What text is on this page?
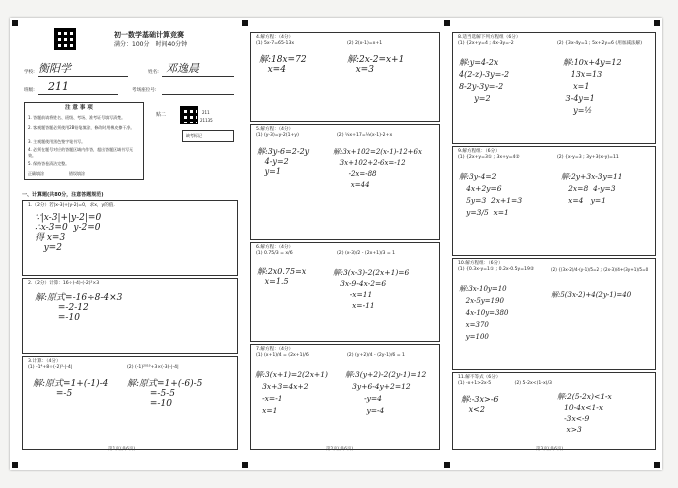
初一数学基础计算竞赛
满分：100分　时间40分钟
学校: 衡阳学	姓名: 邓逸晨
班级: 211	考场座位号:
注 意 事 项
1. 答题前请将姓名、班级、考场、准考证号填写清楚。
2. 客观题答题必须使用2B铅笔填涂，修改时用橡皮擦干净。
3. 主观题使用黑色签字笔书写。
4. 必须在题号对应的答题区域内作答，超出答题区域书写无效。
5. 保持答卷清洁完整。
正确填涂	错误填涂
贴二	211
21135
缺考标记
一、计算题(共80分，注意答题规范)
1.（2分）若|x-3|+|y-2|=0，求x，y的值.
∵|x-3|+|y-2|=0
∴x-3=0  y-2=0
得 x=3
y=2
2.（2分）计算：16÷(-4)-(-2)³×3
解:原式=-16÷8-4×3
=-2-12
=-10
3.计算：（4分）
(1) -1⁴+8÷(-2)³-|-4|	(2) (-1)²⁰¹⁹+3×(-3)-|-4|
解:原式=1+(-1)-4
=-5
解:原式=1+(-6)-5
=-5-5
=-10
第1页(共6页)
4.解方程：（4分）
(1) 5x-7=65-13x	(2) 2(x-1)=x+1
解:18x=72
x=4
解:2x-2=x+1
x=3
5.解方程：（4分）
(1) (y-3)=y-2(1+y)	(2) ½x+17=⅓(x-1)-2+x
解:3y-6=2-2y
4-y=2
y=1
解:3x+102=2(x-1)-12+6x
3x+102+2-6x=-12
-2x=-88
x=44
6.解方程：（4分）
(1) 0.75/3 = x/6	(2) (x-3)/2 - (2x+1)/3 = 1
解:2x0.75=x
x=1.5
解:3(x-3)-2(2x+1)=6
3x-9-4x-2=6
-x=11
x=-11
7.解方程：（4分）
(1) (x+1)/4 = (2x+1)/6	(2) (y+2)/4 - (2y-1)/6 = 1
解:3(x+1)=2(2x+1)
3x+3=4x+2
-x=-1
x=1
解:3(y+2)-2(2y-1)=12
3y+6-4y+2=12
-y=4
y=-4
第2页(共6页)
8.适当选解下列方程组（6分）
(1) {2x+y=4 ; 4x-3y=-2	(2) {3x-4y=1 ; 5x+2y=6 (用加减法解)
解:y=4-2x
4(2-z)-3y=-2
8-2y-3y=-2
y=2
解:10x+4y=12
13x=13
x=1
3-4y=1
y=½
9.解方程组：（6分）
(1) {2x+y=3① ; 3x+y=4②	(2) {x-y=3 ; 3y+3(x-y)=11
解:3y-4=2
4x+2y=6
5y=3  2x+1=3
y=3/5  x=1
解:2y+3x-3y=11
2x=8  4-y=3
x=4   y=1
10.解方程组：（6分）
(1) {0.3x-y=1① ; 0.2x-0.5y=19②	(2) {(3x-2)/4-(y-1)/5=2 ; (2x-3)/4+(3y+1)/5=0
解:3x-10y=10
2x-5y=190
4x-10y=380
x=370
y=100
解:5(3x-2)+4(2y-1)=40
11.解不等式（6分）
(1) -x+1>2x-5                (2) 5-2x<(1-x)/3
解:-3x>-6
x<2
解:2(5-2x)<1-x
10-4x<1-x
-3x<-9
x>3
第3页(共6页)
